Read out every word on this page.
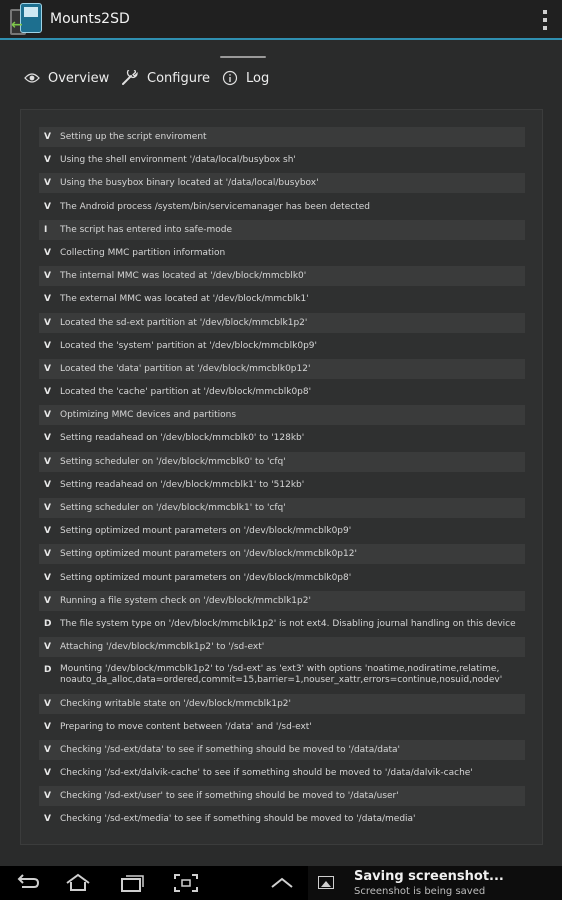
← Mounts2SD
Overview	Configure	Log
V	Setting up the script enviroment
V	Using the shell environment '/data/local/busybox sh'
V	Using the busybox binary located at '/data/local/busybox'
V	The Android process /system/bin/servicemanager has been detected
I	The script has entered into safe-mode
V	Collecting MMC partition information
V	The internal MMC was located at '/dev/block/mmcblk0'
V	The external MMC was located at '/dev/block/mmcblk1'
V	Located the sd-ext partition at '/dev/block/mmcblk1p2'
V	Located the 'system' partition at '/dev/block/mmcblk0p9'
V	Located the 'data' partition at '/dev/block/mmcblk0p12'
V	Located the 'cache' partition at '/dev/block/mmcblk0p8'
V	Optimizing MMC devices and partitions
V	Setting readahead on '/dev/block/mmcblk0' to '128kb'
V	Setting scheduler on '/dev/block/mmcblk0' to 'cfq'
V	Setting readahead on '/dev/block/mmcblk1' to '512kb'
V	Setting scheduler on '/dev/block/mmcblk1' to 'cfq'
V	Setting optimized mount parameters on '/dev/block/mmcblk0p9'
V	Setting optimized mount parameters on '/dev/block/mmcblk0p12'
V	Setting optimized mount parameters on '/dev/block/mmcblk0p8'
V	Running a file system check on '/dev/block/mmcblk1p2'
D The file system type on '/dev/block/mmcblk1p2' is not ext4. Disabling journal handling on this device
V	Attaching '/dev/block/mmcblk1p2' to '/sd-ext'
D Mounting '/dev/block/mmcblk1p2' to '/sd-ext' as 'ext3' with options 'noatime,nodiratime,relatime, noauto_da_alloc,data=ordered,commit=15,barrier=1,nouser_xattr,errors=continue,nosuid,nodev'
V	Checking writable state on '/dev/block/mmcblk1p2'
V	Preparing to move content between '/data' and '/sd-ext'
V	Checking '/sd-ext/data' to see if something should be moved to '/data/data'
V	Checking '/sd-ext/dalvik-cache' to see if something should be moved to '/data/dalvik-cache'
V	Checking '/sd-ext/user' to see if something should be moved to '/data/user'
V	Checking '/sd-ext/media' to see if something should be moved to '/data/media'
Saving screenshot...
Screenshot is being saved
